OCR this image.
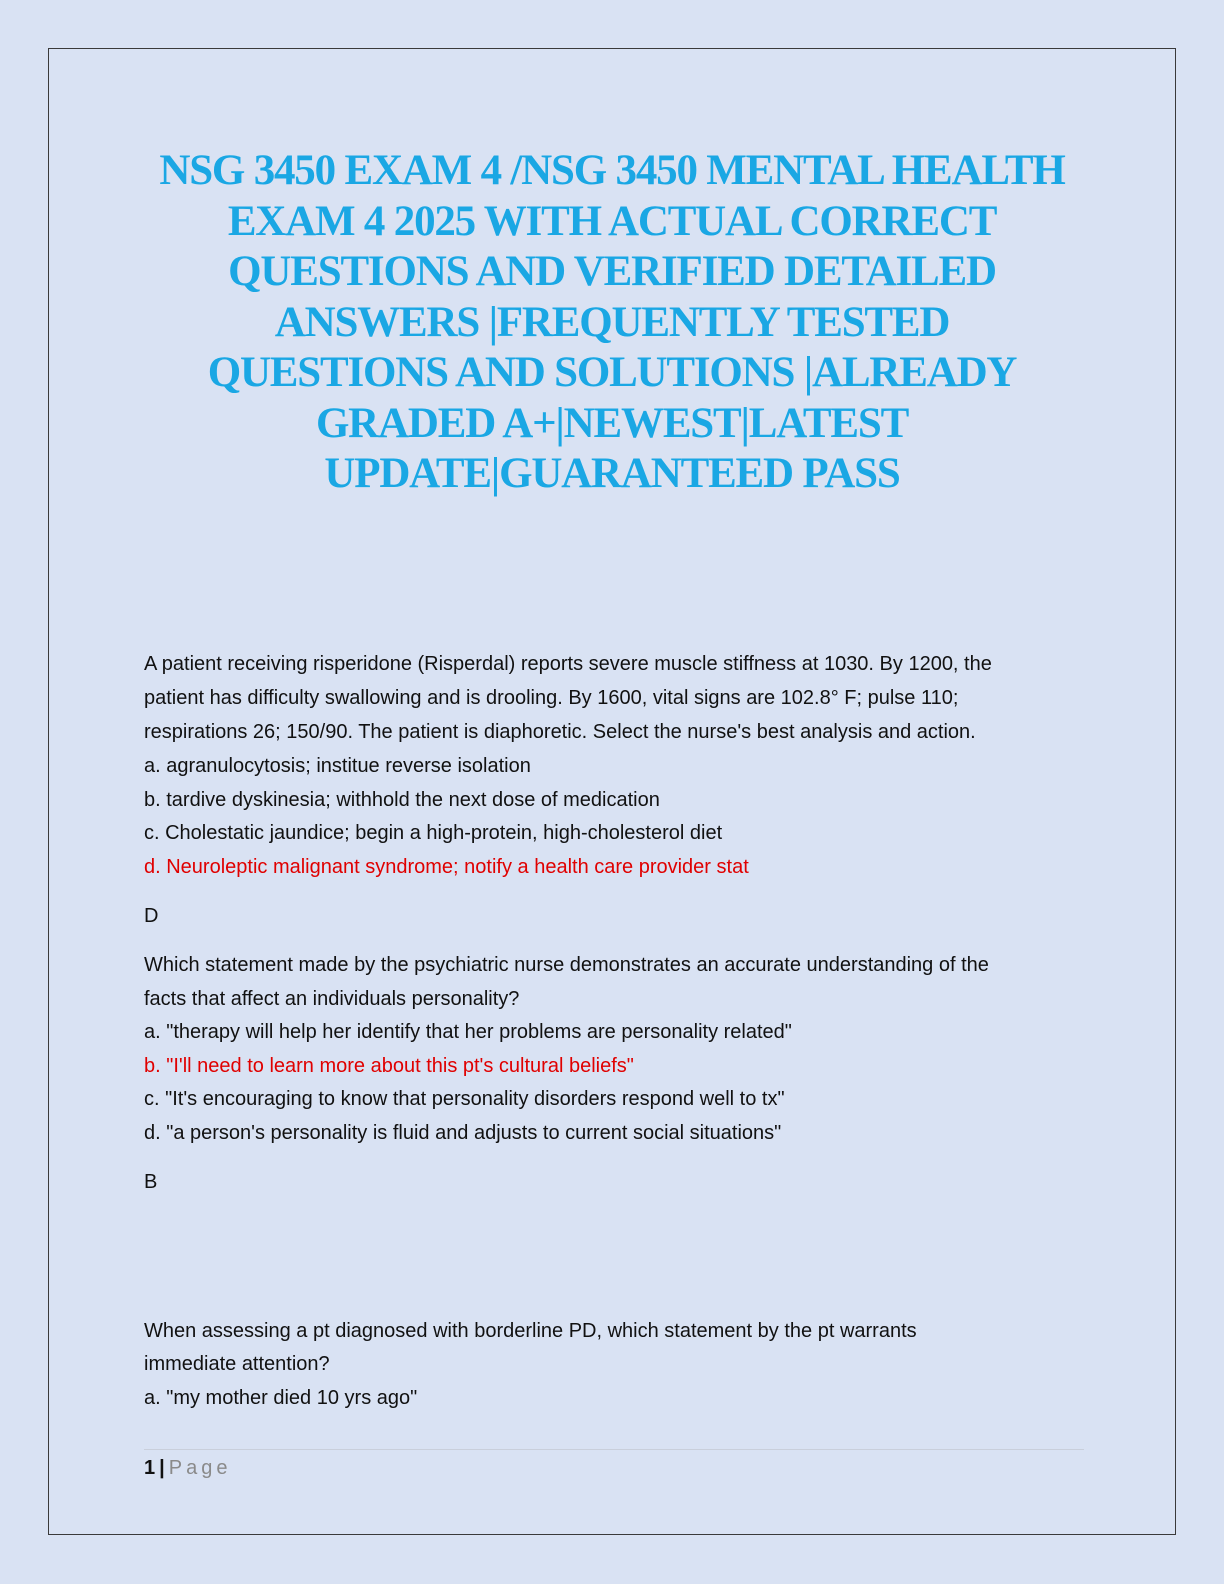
NSG 3450 EXAM 4 /NSG 3450 MENTAL HEALTH
EXAM 4 2025 WITH ACTUAL CORRECT
QUESTIONS AND VERIFIED DETAILED
ANSWERS |FREQUENTLY TESTED
QUESTIONS AND SOLUTIONS |ALREADY
GRADED A+|NEWEST|LATEST
UPDATE|GUARANTEED PASS
A patient receiving risperidone (Risperdal) reports severe muscle stiffness at 1030. By 1200, the
patient has difficulty swallowing and is drooling. By 1600, vital signs are 102.8° F; pulse 110;
respirations 26; 150/90. The patient is diaphoretic. Select the nurse's best analysis and action.
a. agranulocytosis; institue reverse isolation
b. tardive dyskinesia; withhold the next dose of medication
c. Cholestatic jaundice; begin a high-protein, high-cholesterol diet
d. Neuroleptic malignant syndrome; notify a health care provider stat
D
Which statement made by the psychiatric nurse demonstrates an accurate understanding of the
facts that affect an individuals personality?
a. "therapy will help her identify that her problems are personality related"
b. "I'll need to learn more about this pt's cultural beliefs"
c. "It's encouraging to know that personality disorders respond well to tx"
d. "a person's personality is fluid and adjusts to current social situations"
B
When assessing a pt diagnosed with borderline PD, which statement by the pt warrants
immediate attention?
a. "my mother died 10 yrs ago"
1 | Page
